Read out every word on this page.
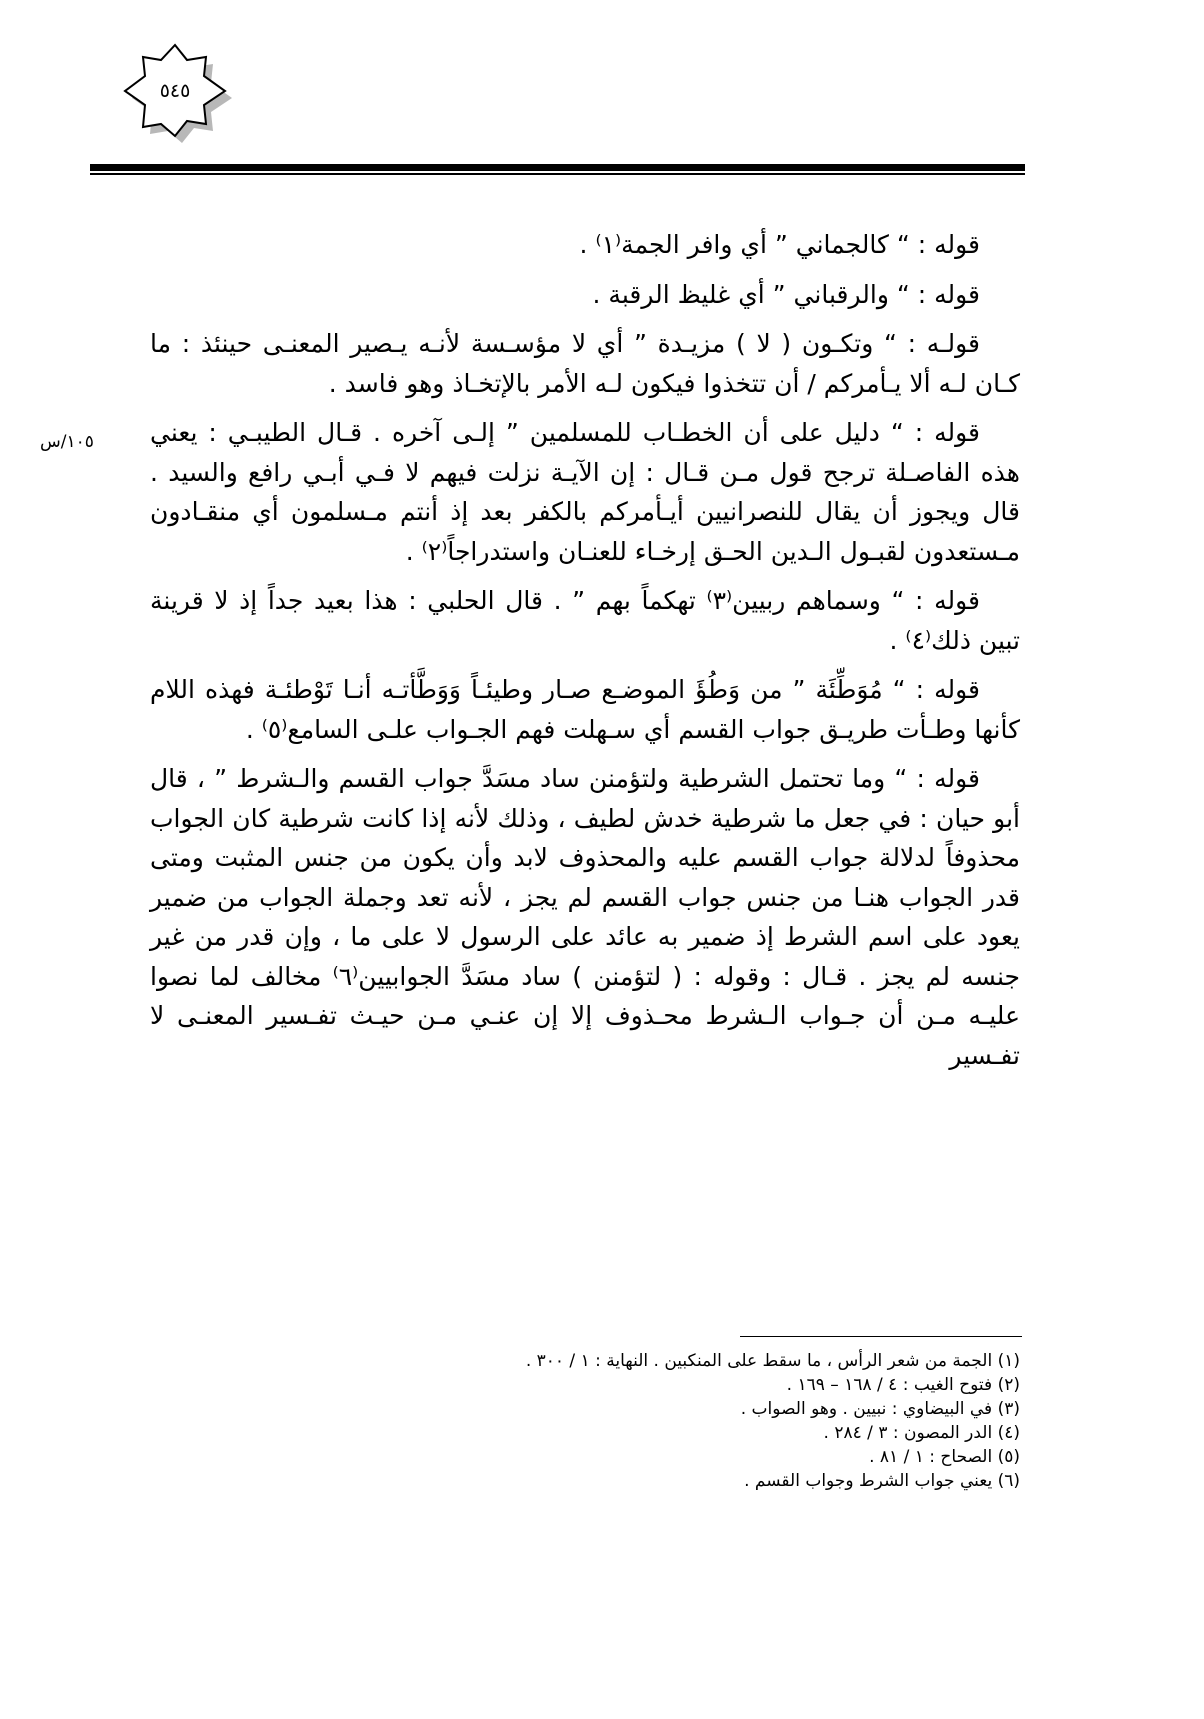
٥٤٥
١٠٥/س

قوله : “ كالجماني ” أي وافر الجمة⁽١⁾ .

قوله : “ والرقباني ” أي غليظ الرقبة .

قولـه : “ وتكـون ( لا ) مزيـدة ” أي لا مؤسـسة لأنـه يـصير المعنـى حينئذ : ما كـان لـه ألا يـأمركم / أن تتخذوا فيكون لـه الأمر بالإتخـاذ وهو فاسد .

قوله : “ دليل على أن الخطـاب للمسلمين ” إلـى آخره . قـال الطيبـي : يعني هذه الفاصـلة ترجح قول مـن قـال : إن الآيـة نزلت فيهم لا فـي أبـي رافع والسيد . قال ويجوز أن يقال للنصرانيين أيـأمركم بالكفر بعد إذ أنتم مـسلمون أي منقـادون مـستعدون لقبـول الـدين الحـق إرخـاء للعنـان واستدراجاً⁽٢⁾ .

قوله : “ وسماهم ربيين⁽٣⁾ تهكماً بهم ” . قال الحلبي : هذا بعيد جداً إذ لا قرينة تبين ذلك⁽٤⁾ .

قوله : “ مُوَطِّئَة ” من وَطُؤَ الموضـع صـار وطيئـاً وَوَطَّأتـه أنـا تَوْطئـة فهذه اللام كأنها وطـأت طريـق جواب القسم أي سـهلت فهم الجـواب علـى السامع⁽٥⁾ .

قوله : “ وما تحتمل الشرطية ولتؤمنن ساد مسَدَّ جواب القسم والـشرط ” ، قال أبو حيان : في جعل ما شرطية خدش لطيف ، وذلك لأنه إذا كانت شرطية كان الجواب محذوفاً لدلالة جواب القسم عليه والمحذوف لابد وأن يكون من جنس المثبت ومتى قدر الجواب هنـا من جنس جواب القسم لم يجز ، لأنه تعد وجملة الجواب من ضمير يعود على اسم الشرط إذ ضمير به عائد على الرسول لا على ما ، وإن قدر من غير جنسه لم يجز . قـال : وقوله : ( لتؤمنن ) ساد مسَدَّ الجوابيين⁽٦⁾ مخالف لما نصوا عليـه مـن أن جـواب الـشرط محـذوف إلا إن عنـي مـن حيـث تفـسير المعنـى لا تفـسير

(١) الجمة من شعر الرأس ، ما سقط على المنكبين . النهاية : ١ / ٣٠٠ .
(٢) فتوح الغيب : ٤ / ١٦٨ – ١٦٩ .
(٣) في البيضاوي : نبيين . وهو الصواب .
(٤) الدر المصون : ٣ / ٢٨٤ .
(٥) الصحاح : ١ / ٨١ .
(٦) يعني جواب الشرط وجواب القسم .
